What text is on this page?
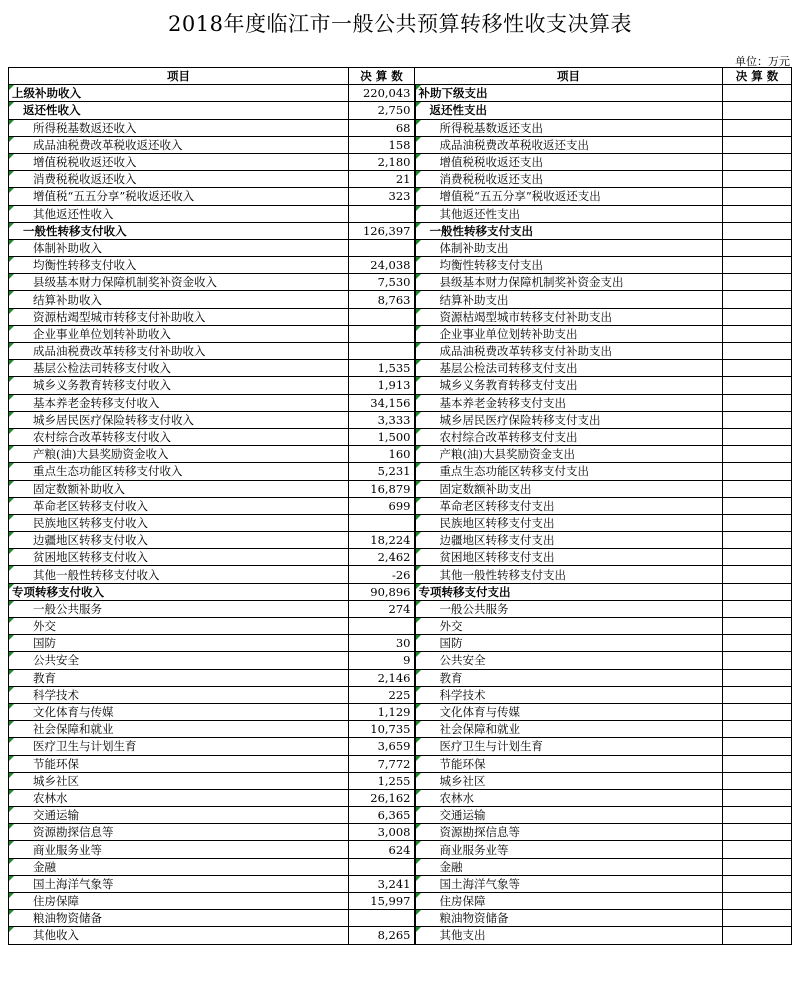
2018年度临江市一般公共预算转移性收支决算表
单位：万元
项目	决 算 数	项目	决 算 数
上级补助收入	220,043	补助下级支出	
返还性收入	2,750	返还性支出	
所得税基数返还收入	68	所得税基数返还支出	
成品油税费改革税收返还收入	158	成品油税费改革税收返还支出	
增值税税收返还收入	2,180	增值税税收返还支出	
消费税税收返还收入	21	消费税税收返还支出	
增值税“五五分享”税收返还收入	323	增值税“五五分享”税收返还支出	
其他返还性收入		其他返还性支出	
一般性转移支付收入	126,397	一般性转移支付支出	
体制补助收入		体制补助支出	
均衡性转移支付收入	24,038	均衡性转移支付支出	
县级基本财力保障机制奖补资金收入	7,530	县级基本财力保障机制奖补资金支出	
结算补助收入	8,763	结算补助支出	
资源枯竭型城市转移支付补助收入		资源枯竭型城市转移支付补助支出	
企业事业单位划转补助收入		企业事业单位划转补助支出	
成品油税费改革转移支付补助收入		成品油税费改革转移支付补助支出	
基层公检法司转移支付收入	1,535	基层公检法司转移支付支出	
城乡义务教育转移支付收入	1,913	城乡义务教育转移支付支出	
基本养老金转移支付收入	34,156	基本养老金转移支付支出	
城乡居民医疗保险转移支付收入	3,333	城乡居民医疗保险转移支付支出	
农村综合改革转移支付收入	1,500	农村综合改革转移支付支出	
产粮(油)大县奖励资金收入	160	产粮(油)大县奖励资金支出	
重点生态功能区转移支付收入	5,231	重点生态功能区转移支付支出	
固定数额补助收入	16,879	固定数额补助支出	
革命老区转移支付收入	699	革命老区转移支付支出	
民族地区转移支付收入		民族地区转移支付支出	
边疆地区转移支付收入	18,224	边疆地区转移支付支出	
贫困地区转移支付收入	2,462	贫困地区转移支付支出	
其他一般性转移支付收入	-26	其他一般性转移支付支出	
专项转移支付收入	90,896	专项转移支付支出	
一般公共服务	274	一般公共服务	
外交		外交	
国防	30	国防	
公共安全	9	公共安全	
教育	2,146	教育	
科学技术	225	科学技术	
文化体育与传媒	1,129	文化体育与传媒	
社会保障和就业	10,735	社会保障和就业	
医疗卫生与计划生育	3,659	医疗卫生与计划生育	
节能环保	7,772	节能环保	
城乡社区	1,255	城乡社区	
农林水	26,162	农林水	
交通运输	6,365	交通运输	
资源勘探信息等	3,008	资源勘探信息等	
商业服务业等	624	商业服务业等	
金融		金融	
国土海洋气象等	3,241	国土海洋气象等	
住房保障	15,997	住房保障	
粮油物资储备		粮油物资储备	
其他收入	8,265	其他支出	
